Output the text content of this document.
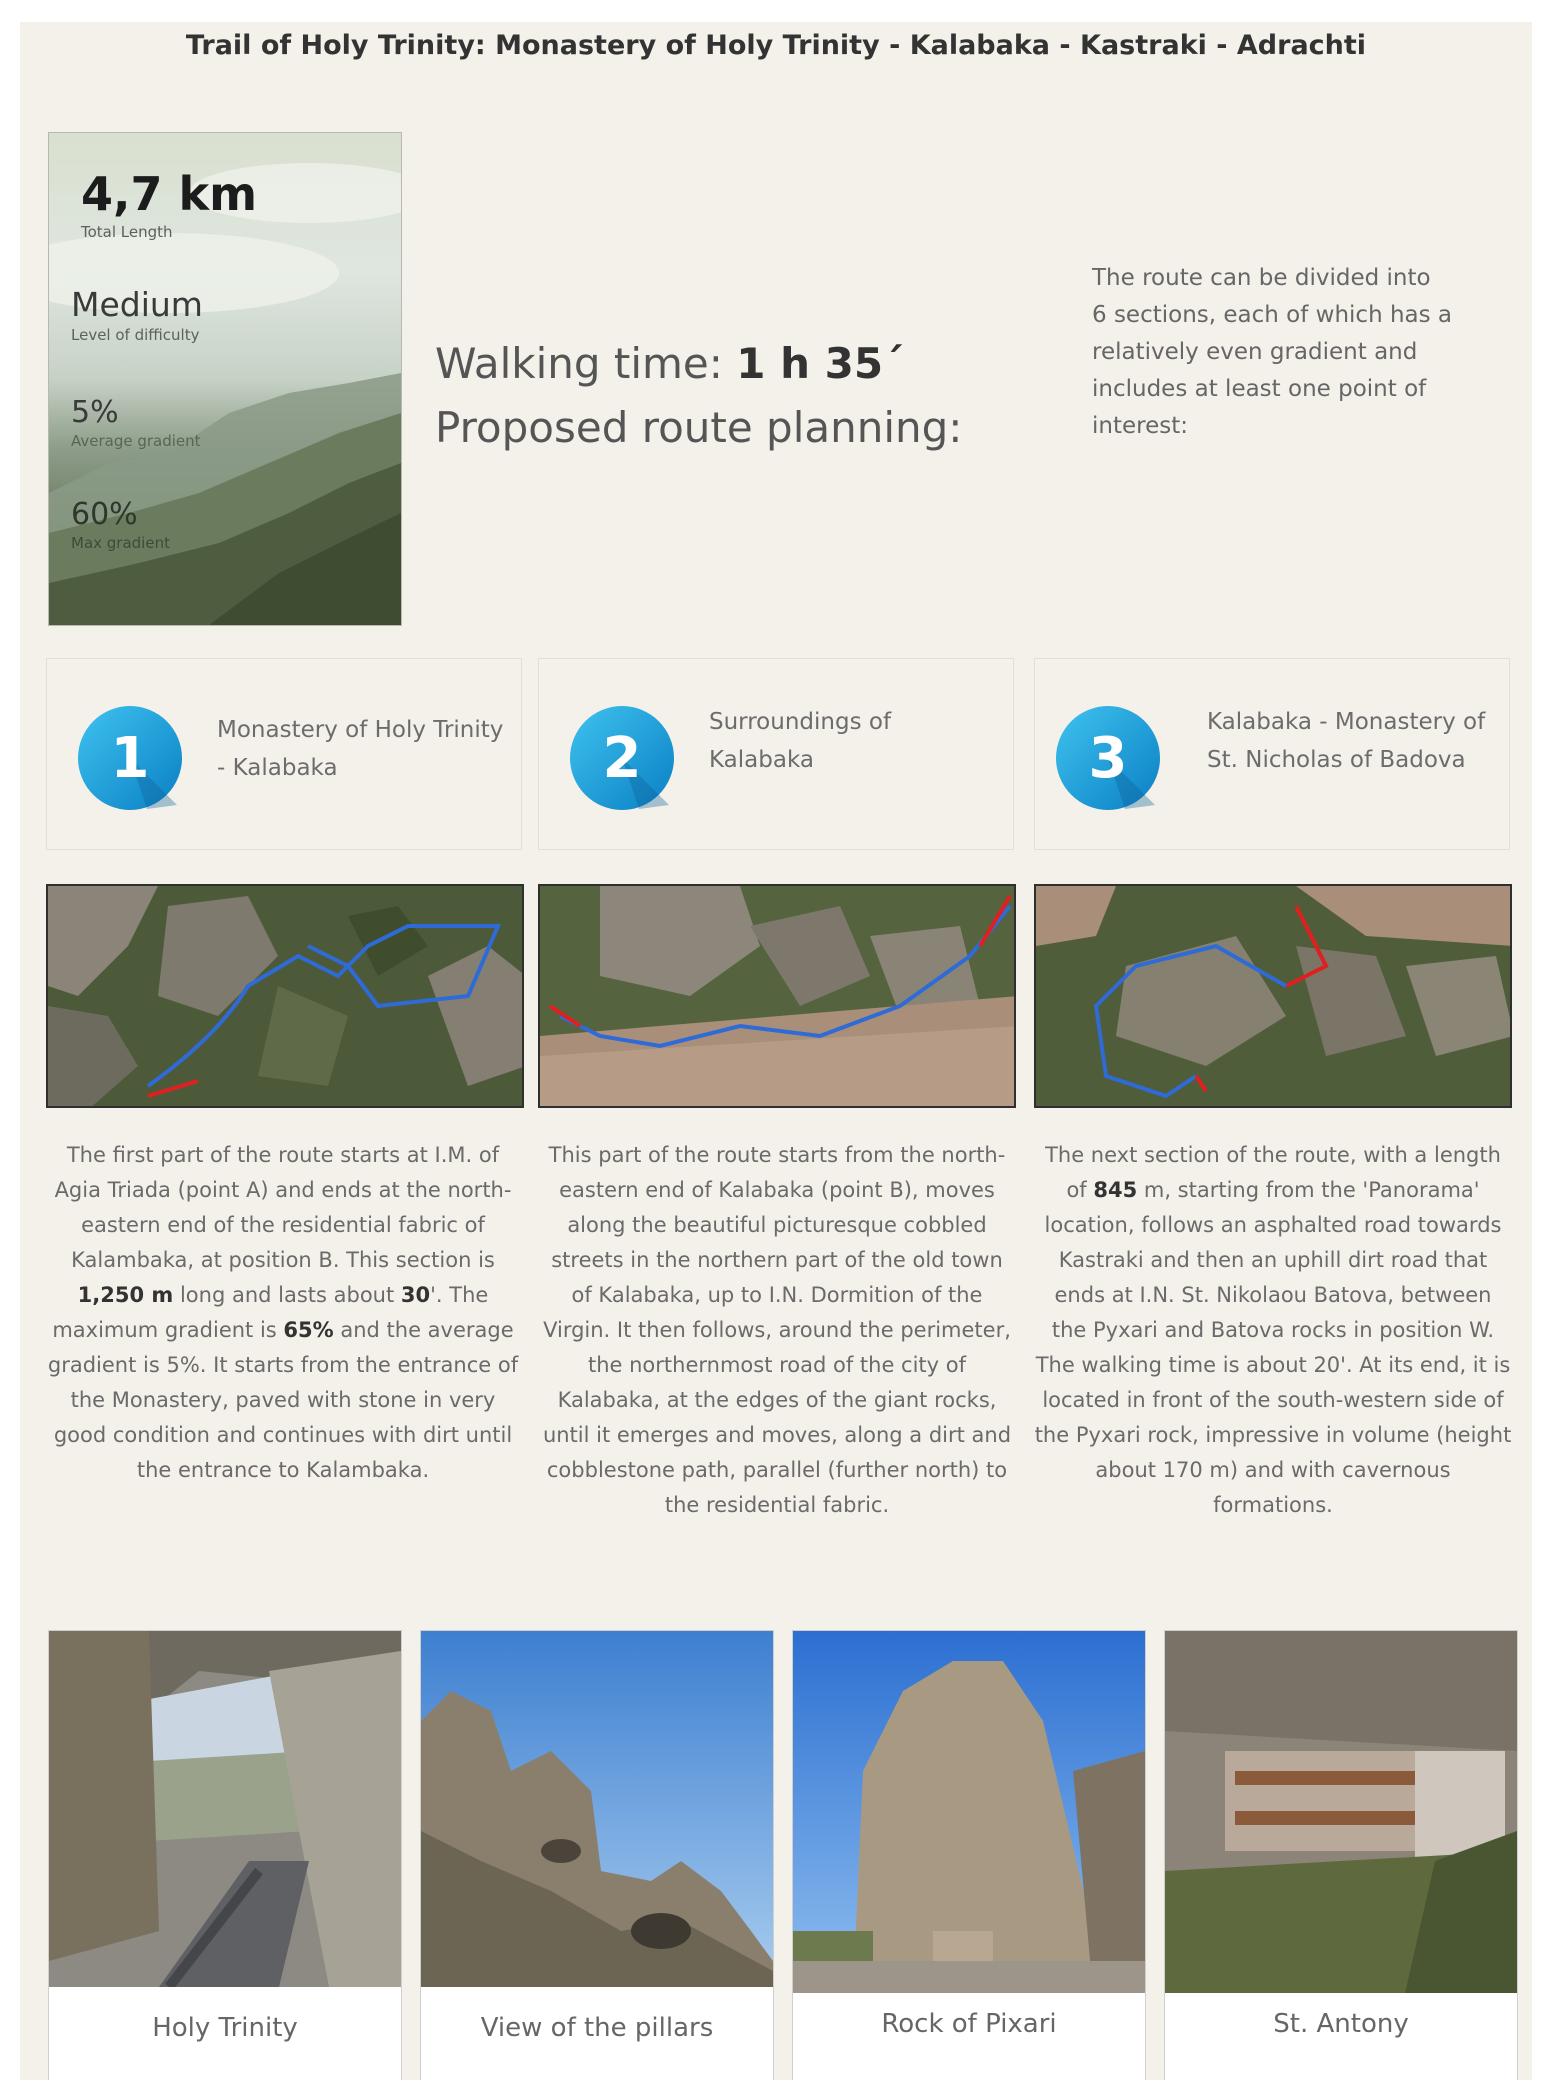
Trail of Holy Trinity: Monastery of Holy Trinity - Kalabaka - Kastraki - Adrachti
4,7 km
Total Length
Medium
Level of difficulty
5%
Average gradient
60%
Max gradient
Walking time: 1 h 35´
Proposed route planning:
The route can be divided into 6 sections, each of which has a relatively even gradient and includes at least one point of interest:
1	Monastery of Holy Trinity - Kalabaka	2
Surroundings of Kalabaka	3
Kalabaka - Monastery of St. Nicholas of Badova
The first part of the route starts at I.M. of Agia Triada (point A) and ends at the north-eastern end of the residential fabric of Kalambaka, at position B. This section is 1,250 m long and lasts about 30'. The maximum gradient is 65% and the average gradient is 5%. It starts from the entrance of the Monastery, paved with stone in very good condition and continues with dirt until the entrance to Kalambaka.
This part of the route starts from the north-eastern end of Kalabaka (point B), moves along the beautiful picturesque cobbled streets in the northern part of the old town of Kalabaka, up to I.N. Dormition of the Virgin. It then follows, around the perimeter, the northernmost road of the city of Kalabaka, at the edges of the giant rocks, until it emerges and moves, along a dirt and cobblestone path, parallel (further north) to the residential fabric.
The next section of the route, with a length of 845 m, starting from the 'Panorama' location, follows an asphalted road towards Kastraki and then an uphill dirt road that ends at I.N. St. Nikolaou Batova, between the Pyxari and Batova rocks in position W. The walking time is about 20'. At its end, it is located in front of the south-western side of the Pyxari rock, impressive in volume (height about 170 m) and with cavernous formations.
Holy Trinity	View of the pillars	Rock of Pixari	St. Antony
